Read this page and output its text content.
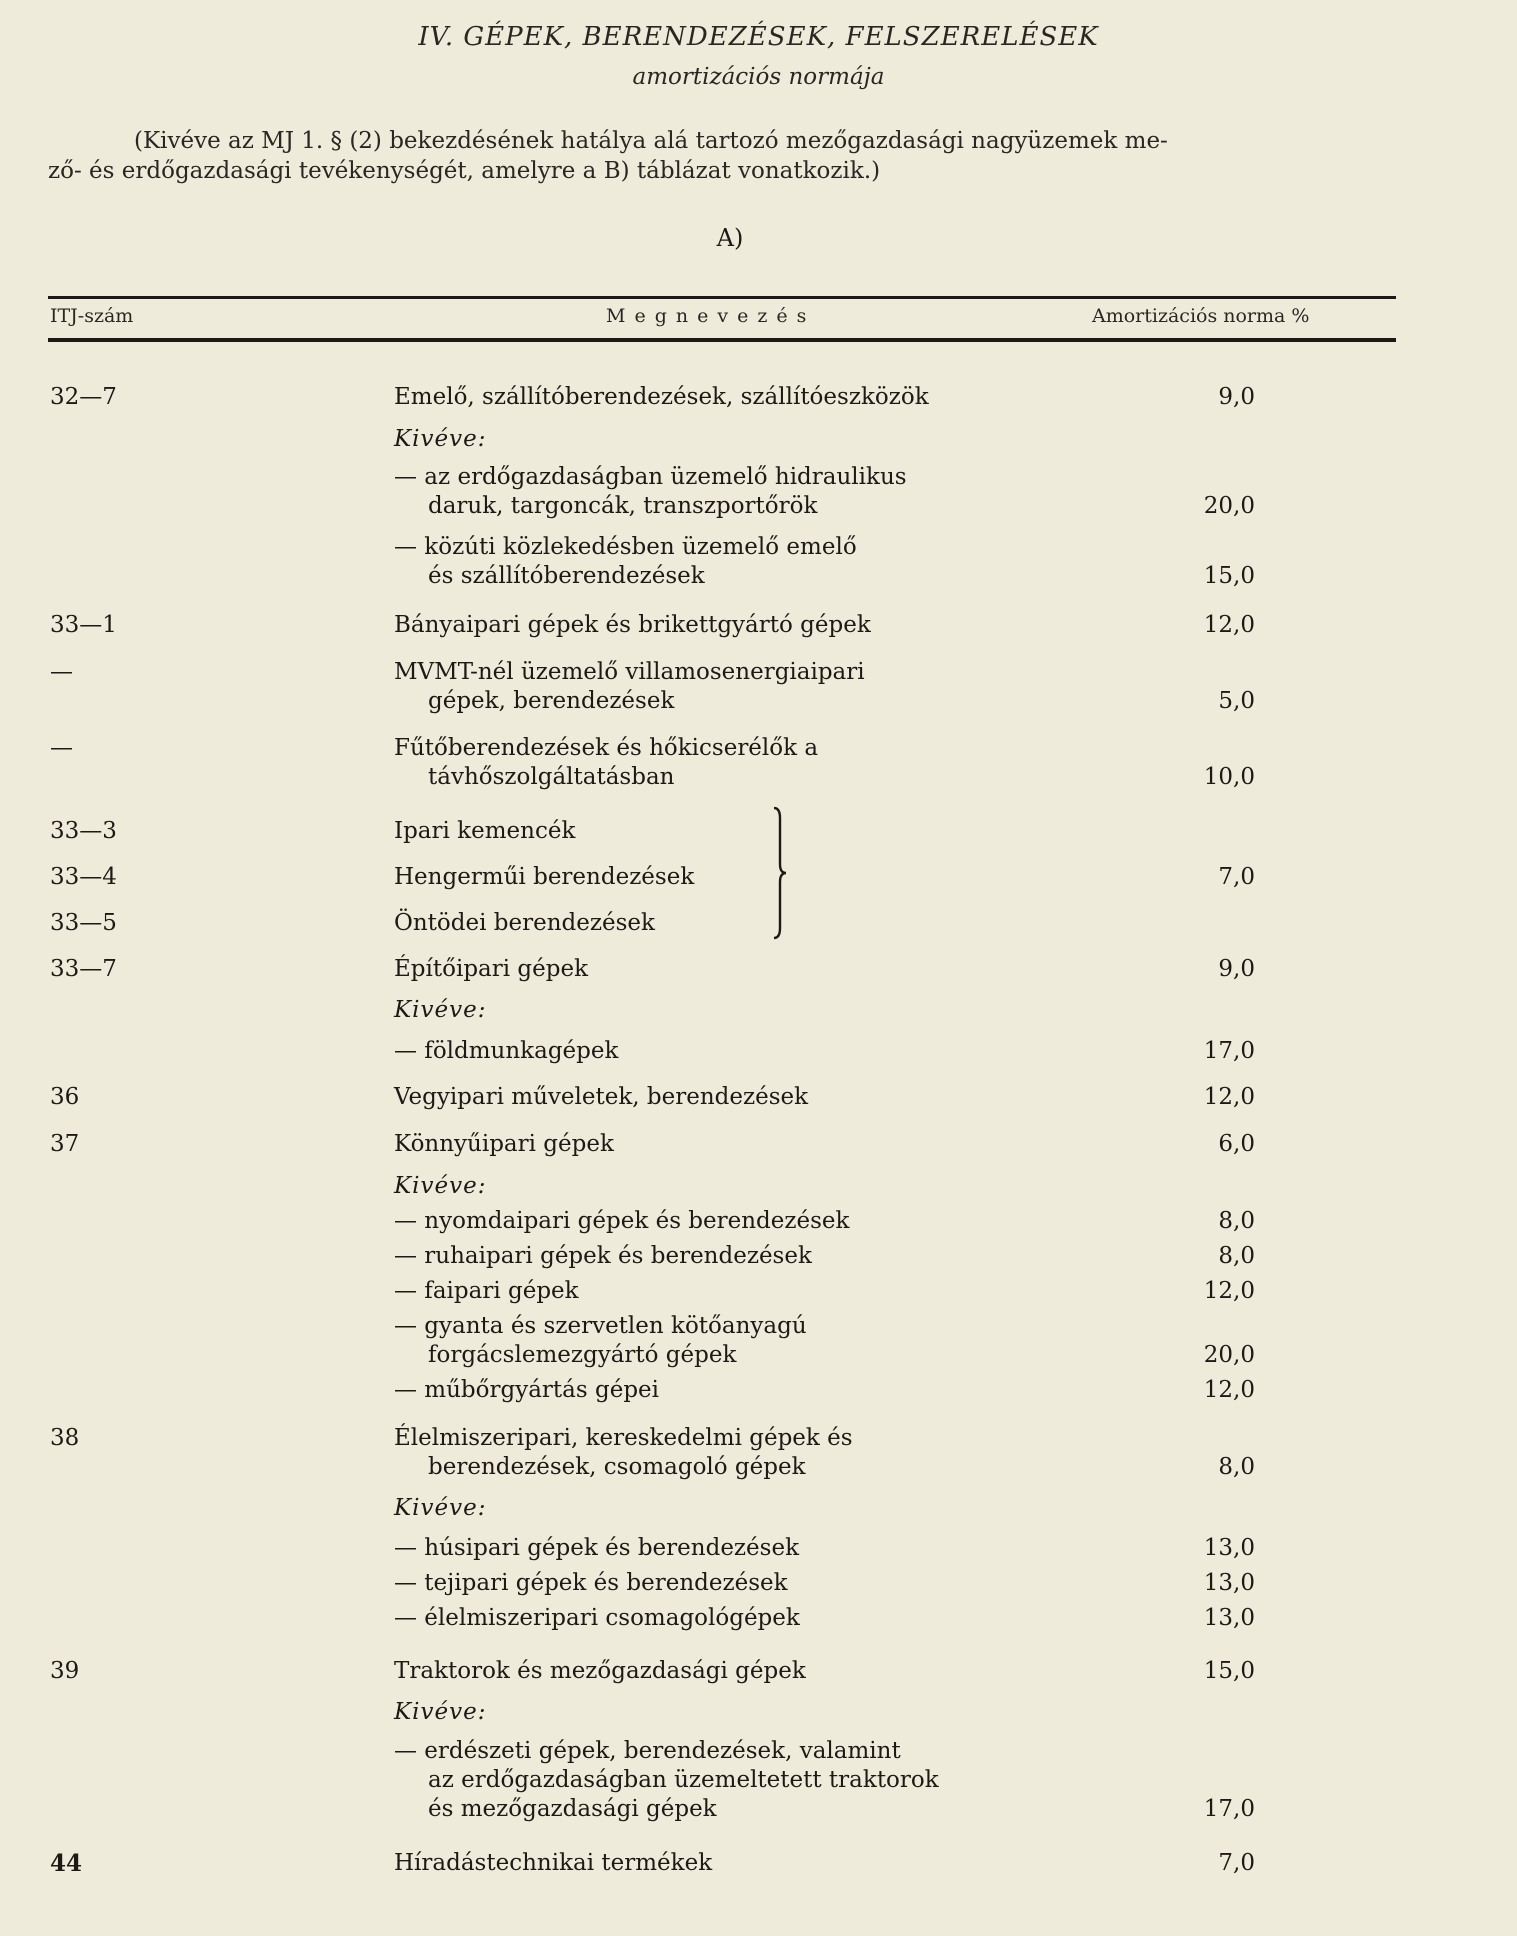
IV. GÉPEK, BERENDEZÉSEK, FELSZERELÉSEK
amortizációs normája
(Kivéve az MJ 1. § (2) bekezdésének hatálya alá tartozó mezőgazdasági nagyüzemek me-
ző- és erdőgazdasági tevékenységét, amelyre a B) táblázat vonatkozik.)
A)
ITJ-szám	Megnevezés	Amortizációs norma %
32—7	Emelő, szállítóberendezések, szállítóeszközök	9,0
Kivéve:
— az erdőgazdaságban üzemelő hidraulikus
daruk, targoncák, transzportőrök	20,0
— közúti közlekedésben üzemelő emelő
és szállítóberendezések	15,0
33—1	Bányaipari gépek és brikettgyártó gépek	12,0
—	MVMT-nél üzemelő villamosenergiaipari
gépek, berendezések	5,0
—	Fűtőberendezések és hőkicserélők a
távhőszolgáltatásban	10,0
33—3	Ipari kemencék
33—4	Hengerműi berendezések	7,0
33—5	Öntödei berendezések
33—7	Építőipari gépek	9,0
Kivéve:
— földmunkagépek	17,0
36	Vegyipari műveletek, berendezések	12,0
37	Könnyűipari gépek	6,0
Kivéve:
— nyomdaipari gépek és berendezések	8,0
— ruhaipari gépek és berendezések	8,0
— faipari gépek	12,0
— gyanta és szervetlen kötőanyagú
forgácslemezgyártó gépek	20,0
— műbőrgyártás gépei	12,0
38	Élelmiszeripari, kereskedelmi gépek és
berendezések, csomagoló gépek	8,0
Kivéve:
— húsipari gépek és berendezések	13,0
— tejipari gépek és berendezések	13,0
— élelmiszeripari csomagológépek	13,0
39	Traktorok és mezőgazdasági gépek	15,0
Kivéve:
— erdészeti gépek, berendezések, valamint
az erdőgazdaságban üzemeltetett traktorok
és mezőgazdasági gépek	17,0
44	Híradástechnikai termékek	7,0
